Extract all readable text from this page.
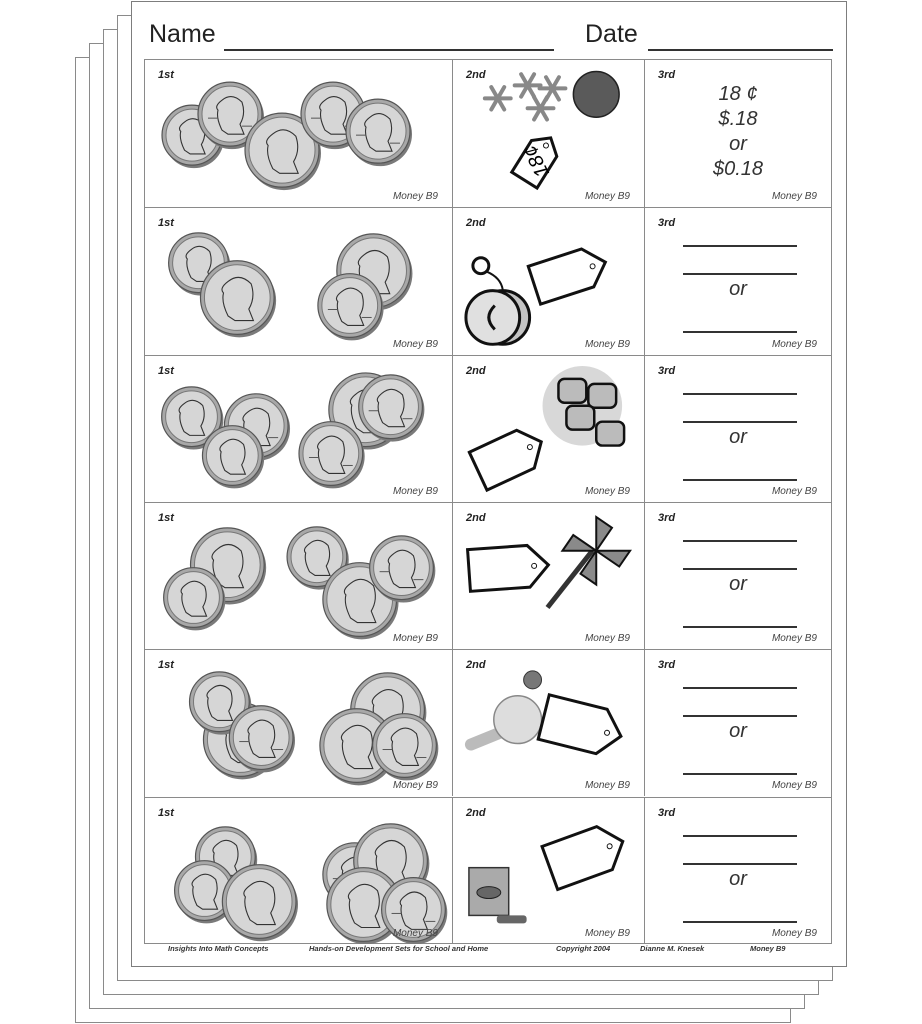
Name	Date
1st
Money B9
2nd
18¢
Money B9
3rd
18 ¢
$.18
or
$0.18
Money B9
1st
Money B9
2nd
Money B9
3rd
or
Money B9
1st
Money B9
2nd
Money B9
3rd
or
Money B9
1st
Money B9
2nd
Money B9
3rd
or
Money B9
1st
Money B9
2nd
Money B9
3rd
or
Money B9
1st
Money B9
2nd
Money B9
3rd
or
Money B9
Insights Into Math Concepts	Hands-on Development Sets for School and Home	Copyright 2004	Dianne M. Knesek	Money B9
